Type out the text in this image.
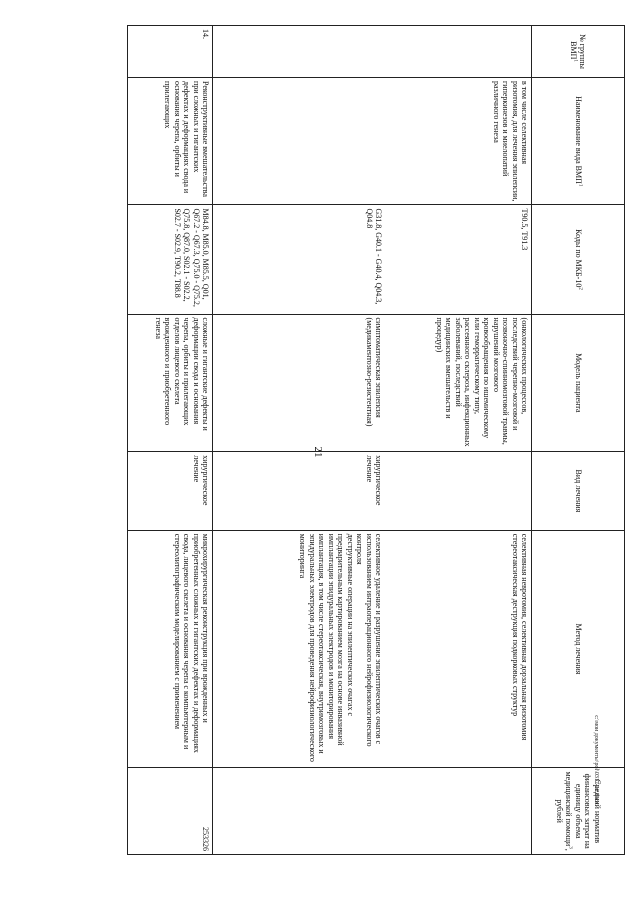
21
№ группы ВМП$^1$	Наименование вида ВМП$^1$	Коды по МКБ-$10^2$	Модель пациента	Вид лечения	Метод лечения	Средний норматив финансовых затрат на единицу объема медицинской помощи$^3$, рублей
	в том числе селективная ризотомия, для лечения эпилепсии, гиперкинезов и миелопатий различного генеза	Т90.5, Т91.3	(онкологических процессов, последствий черепно-мозговой и позвоночно-спинномозговой травмы, нарушений мозгового кровообращения по ишемическому или геморрагическому типу, рассеянного склероза, инфекционных заболеваний, последствий медицинских вмешательств и процедур)		селективная невротомия, селективная дорзальная ризотомия
стереотаксическая деструкция подкорковых структур	
		G31.8, G40.1 - G40.4, Q04.3, Q04.8	симптоматическая эпилепсия (медикаментозно-резистентная)	хирургическое лечение	селективное удаление и разрушение эпилептических очагов с использованием интраоперационного нейрофизиологического контроля
деструктивные операции на эпилептических очагах с предварительным картированием мозга на основе инвазивной имплантации эпидуральных электродов и мониторирования
имплантация, в том числе стереотаксическая, внутримозговых и эпидуральных электродов для проведения нейрофизиологического мониторинга	
14.	Реконструктивные вмешательства при сложных и гигантских дефектах и деформациях свода и основания черепа, орбиты и прилегающих	М84.8, М85.0, М85.5, Q01, Q67.2 - Q67.3, Q75.0 - Q75.2, Q75.8, Q87.0, S02.1 - S02.2, S02.7 - S02.9, Т90.2, Т88.8	сложные и гигантские дефекты и деформации свода и основания черепа, орбиты и прилегающих отделов лицевого скелета врожденного и приобретенного генеза	хирургическое лечение	микрохирургическая реконструкция при врожденных и приобретенных сложных и гигантских дефектах и деформациях свода, лицевого скелета и основания черепа с компьютерным и стереолитографическим моделированием с применением	253326
c:\мои документы\pol\0317-ап.docx
